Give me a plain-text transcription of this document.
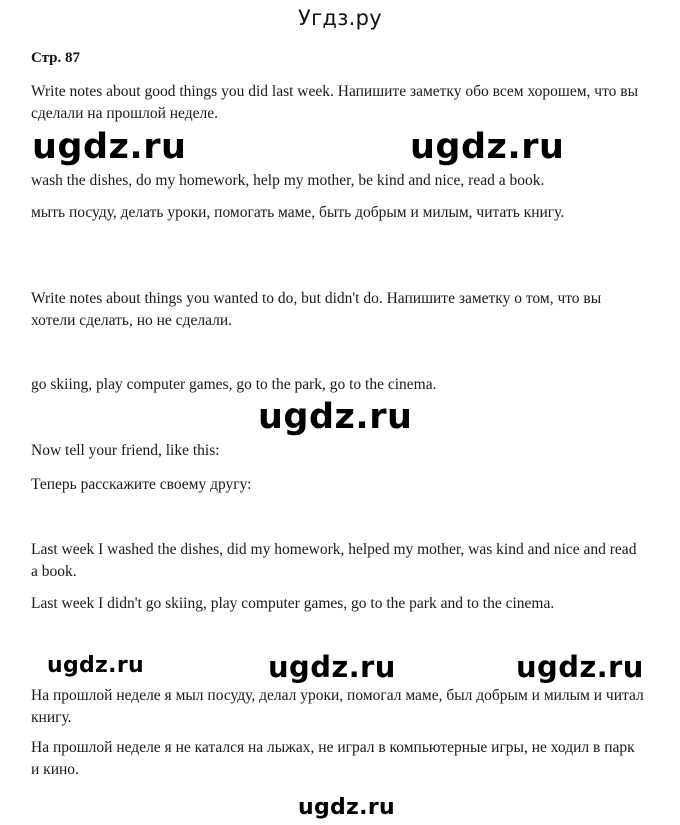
Угдз.ру
Стр. 87

Write notes about good things you did last week. Напишите заметку обо всем хорошем, что вы сделали на прошлой неделе.

ugdz.ru	ugdz.ru

wash the dishes, do my homework, help my mother, be kind and nice, read a book.

мыть посуду, делать уроки, помогать маме, быть добрым и милым, читать книгу.

Write notes about things you wanted to do, but didn't do. Напишите заметку о том, что вы хотели сделать, но не сделали.

go skiing, play computer games, go to the park, go to the cinema.

ugdz.ru

Now tell your friend, like this:

Теперь расскажите своему другу:

Last week I washed the dishes, did my homework, helped my mother, was kind and nice and read a book.

Last week I didn't go skiing, play computer games, go to the park and to the cinema.

ugdz.ru	ugdz.ru	ugdz.ru

На прошлой неделе я мыл посуду, делал уроки, помогал маме, был добрым и милым и читал книгу.

На прошлой неделе я не катался на лыжах, не играл в компьютерные игры, не ходил в парк и кино.

ugdz.ru
